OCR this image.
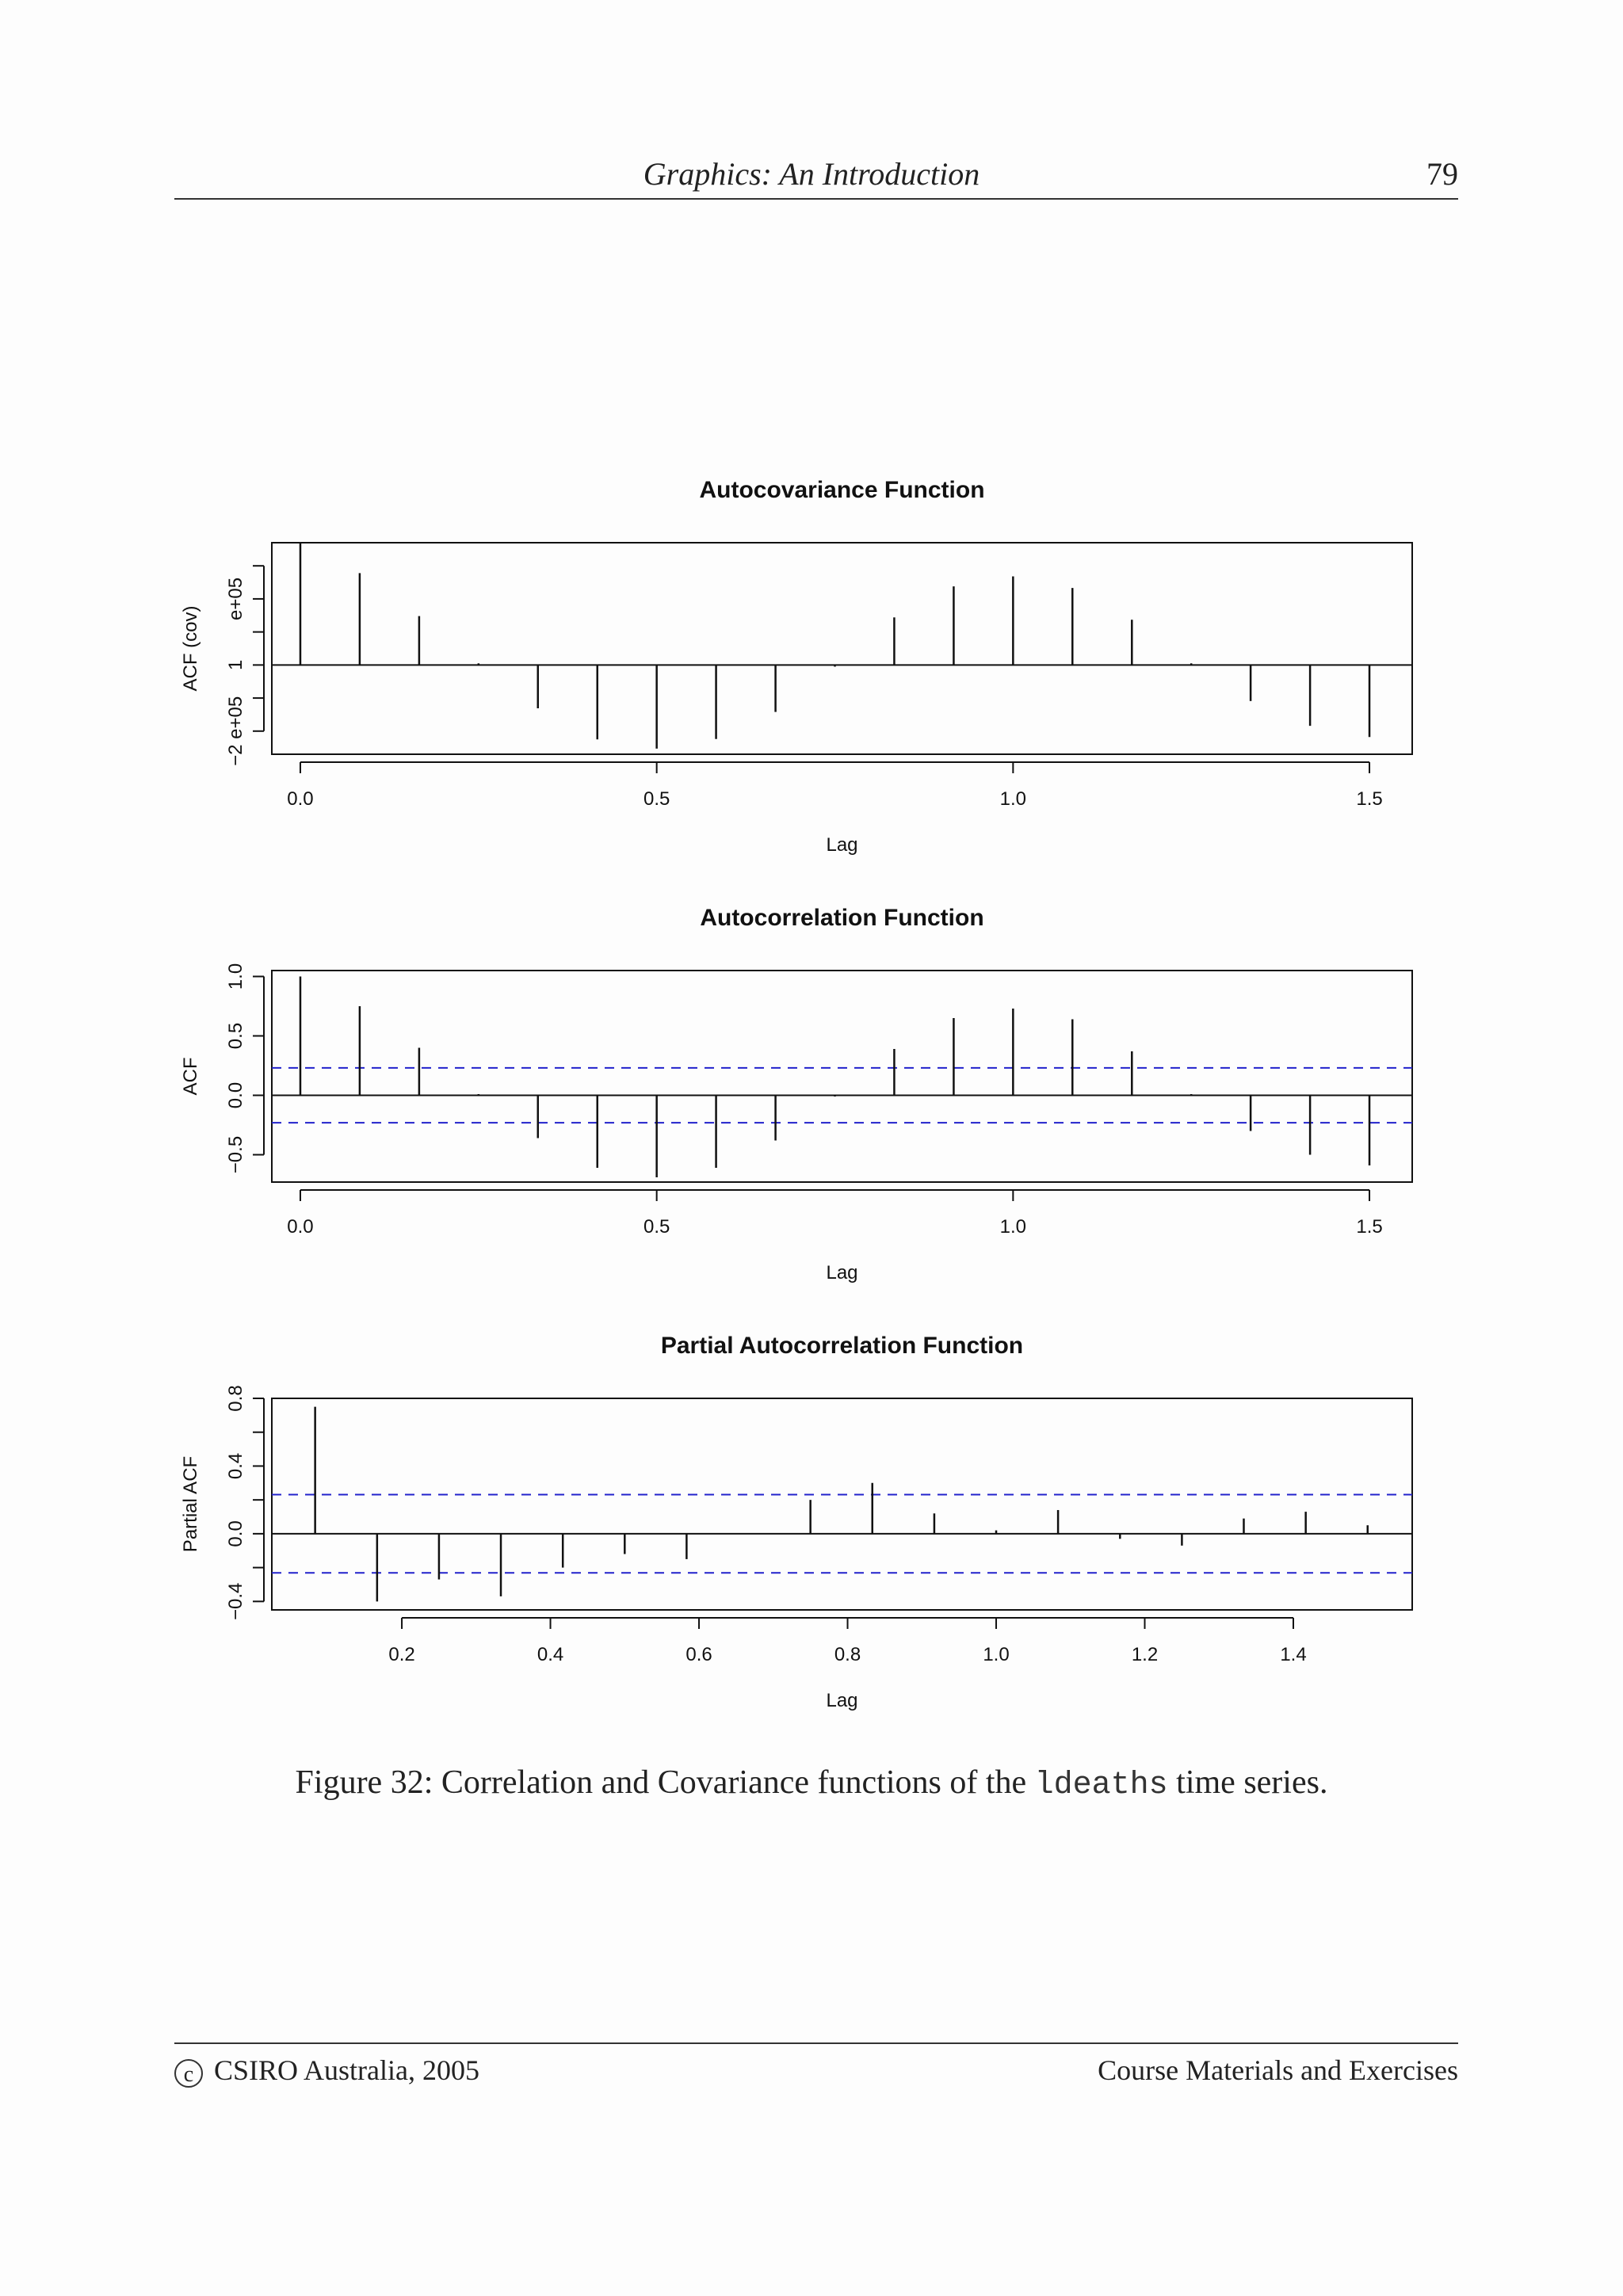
Graphics: An Introduction	79
Autocovariance Function
0.0	0.5	1.0	1.5
Lag
−2 e+05
1
e+05
ACF (cov)
Autocorrelation Function
0.0	0.5	1.0	1.5
Lag
−0.5
0.0
0.5
1.0
ACF
Partial Autocorrelation Function
0.2	0.4	0.6	0.8	1.0	1.2	1.4
Lag
−0.4
0.0
0.4
0.8
Partial ACF
Figure 32: Correlation and Covariance functions of the ldeaths time series.
c CSIRO Australia, 2005	Course Materials and Exercises
